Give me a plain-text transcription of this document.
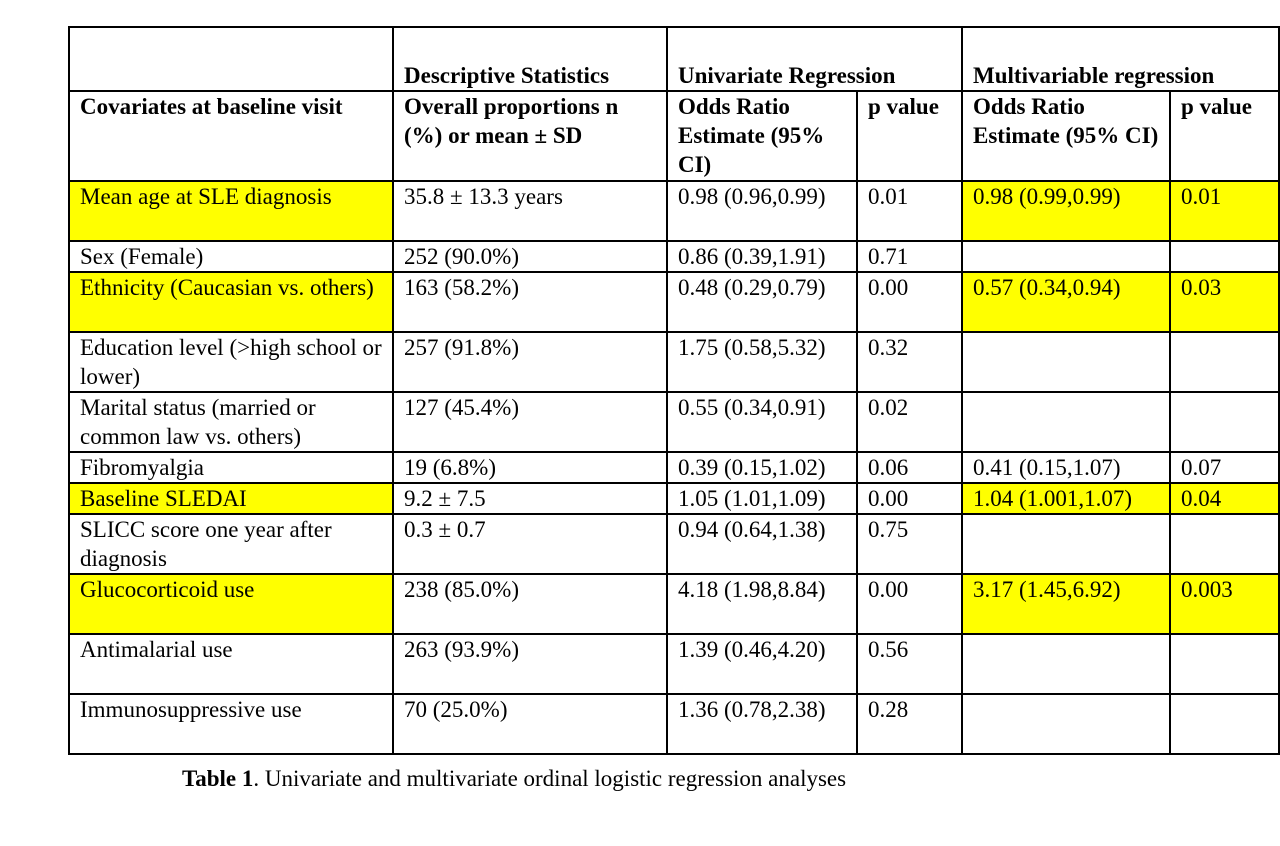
	Descriptive Statistics	Univariate Regression		Multivariable regression	
Covariates at baseline visit	Overall proportions n (%) or mean ± SD	Odds Ratio Estimate (95% CI)	p value	Odds Ratio Estimate (95% CI)	p value
Mean age at SLE diagnosis	35.8 ± 13.3 years	0.98 (0.96,0.99)	0.01	0.98 (0.99,0.99)	0.01
Sex (Female)	252 (90.0%)	0.86 (0.39,1.91)	0.71		
Ethnicity (Caucasian vs. others)	163 (58.2%)	0.48 (0.29,0.79)	0.00	0.57 (0.34,0.94)	0.03
Education level (>high school or lower)	257 (91.8%)	1.75 (0.58,5.32)	0.32		
Marital status (married or common law vs. others)	127 (45.4%)	0.55 (0.34,0.91)	0.02		
Fibromyalgia	19 (6.8%)	0.39 (0.15,1.02)	0.06	0.41 (0.15,1.07)	0.07
Baseline SLEDAI	9.2 ± 7.5	1.05 (1.01,1.09)	0.00	1.04 (1.001,1.07)	0.04
SLICC score one year after diagnosis	0.3 ± 0.7	0.94 (0.64,1.38)	0.75		
Glucocorticoid use	238 (85.0%)	4.18 (1.98,8.84)	0.00	3.17 (1.45,6.92)	0.003
Antimalarial use	263 (93.9%)	1.39 (0.46,4.20)	0.56		
Immunosuppressive use	70 (25.0%)	1.36 (0.78,2.38)	0.28		
Table 1. Univariate and multivariate ordinal logistic regression analyses
